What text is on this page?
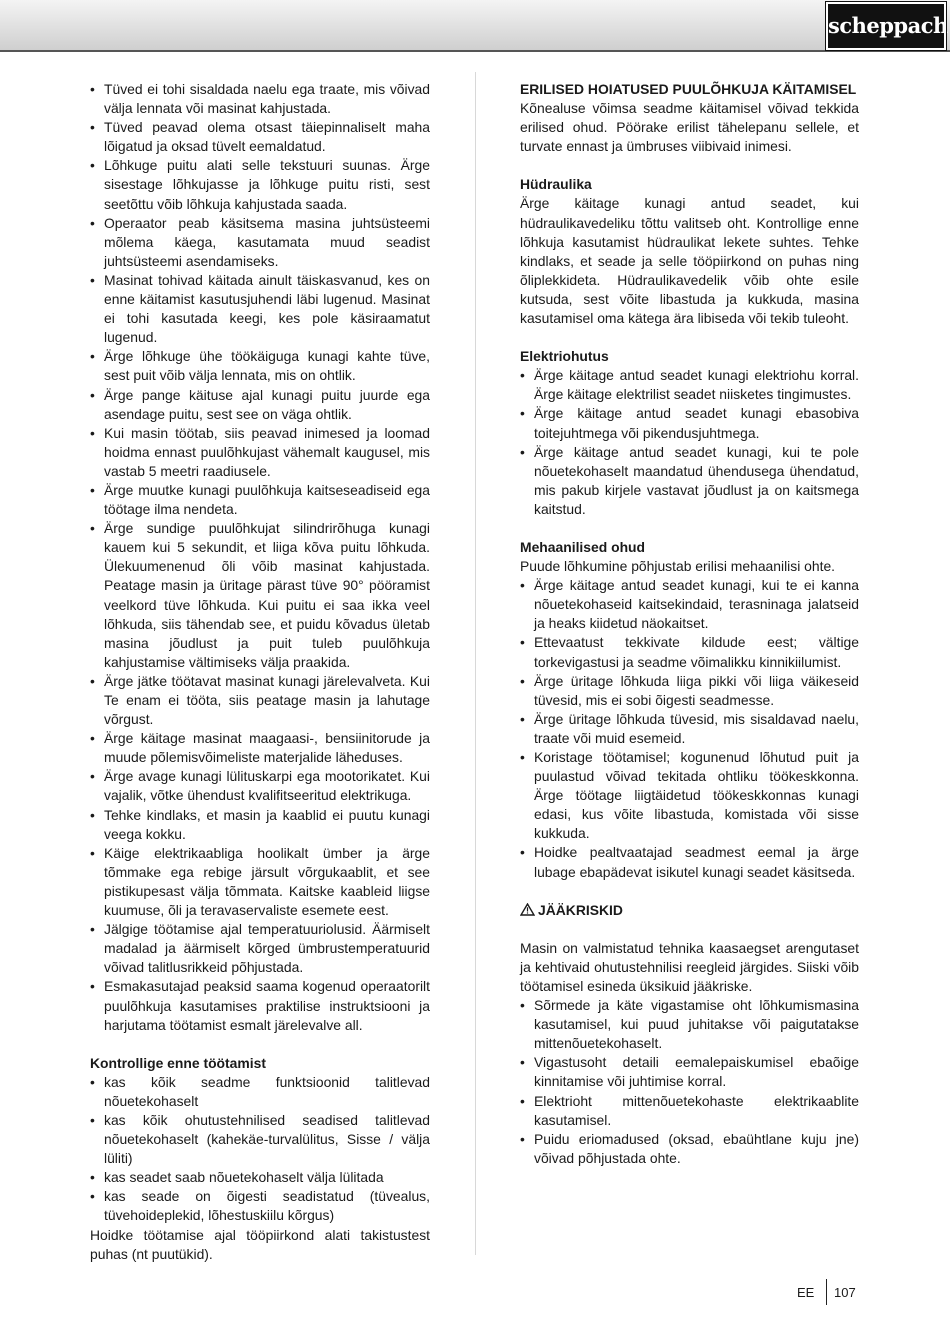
scheppach
• Tüved ei tohi sisaldada naelu ega traate, mis võivad välja lennata või masinat kahjustada.
• Tüved peavad olema otsast täiepinnaliselt maha lõigatud ja oksad tüvelt eemaldatud.
• Lõhkuge puitu alati selle tekstuuri suunas. Ärge sisestage lõhkujasse ja lõhkuge puitu risti, sest seetõttu võib lõhkuja kahjustada saada.
• Operaator peab käsitsema masina juhtsüsteemi mõlema käega, kasutamata muud seadist juhtsüsteemi asendamiseks.
• Masinat tohivad käitada ainult täiskasvanud, kes on enne käitamist kasutusjuhendi läbi lugenud. Masinat ei tohi kasutada keegi, kes pole käsiraamatut lugenud.
• Ärge lõhkuge ühe töökäiguga kunagi kahte tüve, sest puit võib välja lennata, mis on ohtlik.
• Ärge pange käituse ajal kunagi puitu juurde ega asendage puitu, sest see on väga ohtlik.
• Kui masin töötab, siis peavad inimesed ja loomad hoidma ennast puulõhkujast vähemalt kaugusel, mis vastab 5 meetri raadiusele.
• Ärge muutke kunagi puulõhkuja kaitseseadiseid ega töötage ilma nendeta.
• Ärge sundige puulõhkujat silindrirõhuga kunagi kauem kui 5 sekundit, et liiga kõva puitu lõhkuda. Ülekuumenenud õli võib masinat kahjustada. Peatage masin ja üritage pärast tüve 90° pööramist veelkord tüve lõhkuda. Kui puitu ei saa ikka veel lõhkuda, siis tähendab see, et puidu kõvadus ületab masina jõudlust ja puit tuleb puulõhkuja kahjustamise vältimiseks välja praakida.
• Ärge jätke töötavat masinat kunagi järelevalveta. Kui Te enam ei tööta, siis peatage masin ja lahutage võrgust.
• Ärge käitage masinat maagaasi-, bensiinitorude ja muude põlemisvõimeliste materjalide läheduses.
• Ärge avage kunagi lülituskarpi ega mootorikatet. Kui vajalik, võtke ühendust kvalifitseeritud elektrikuga.
• Tehke kindlaks, et masin ja kaablid ei puutu kunagi veega kokku.
• Käige elektrikaabliga hoolikalt ümber ja ärge tõmmake ega rebige järsult võrgukaablit, et see pistikupesast välja tõmmata. Kaitske kaableid liigse kuumuse, õli ja teravaservaliste esemete eest.
• Jälgige töötamise ajal temperatuuriolusid. Äärmiselt madalad ja äärmiselt kõrged ümbrustemperatuurid võivad talitlusrikkeid põhjustada.
• Esmakasutajad peaksid saama kogenud operaatorilt puulõhkuja kasutamises praktilise instruktsiooni ja harjutama töötamist esmalt järelevalve all.

Kontrollige enne töötamist

• kas kõik seadme funktsioonid talitlevad nõuetekohaselt
• kas kõik ohutustehnilised seadised talitlevad nõuetekohaselt (kahekäe-turvalülitus, Sisse / välja lüliti)
• kas seadet saab nõuetekohaselt välja lülitada
• kas seade on õigesti seadistatud (tüvealus, tüvehoideplekid, lõhestuskiilu kõrgus)

Hoidke töötamise ajal tööpiirkond alati takistustest puhas (nt puutükid).

ERILISED HOIATUSED PUULÕHKUJA KÄITAMISEL

Kõnealuse võimsa seadme käitamisel võivad tekkida erilised ohud. Pöörake erilist tähelepanu sellele, et turvate ennast ja ümbruses viibivaid inimesi.

Hüdraulika

Ärge käitage kunagi antud seadet, kui hüdraulikavedeliku tõttu valitseb oht. Kontrollige enne lõhkuja kasutamist hüdraulikat lekete suhtes. Tehke kindlaks, et seade ja selle tööpiirkond on puhas ning õliplekkideta. Hüdraulikavedelik võib ohte esile kutsuda, sest võite libastuda ja kukkuda, masina kasutamisel oma kätega ära libiseda või tekib tuleoht.

Elektriohutus

• Ärge käitage antud seadet kunagi elektriohu korral. Ärge käitage elektrilist seadet niisketes tingimustes.
• Ärge käitage antud seadet kunagi ebasobiva toitejuhtmega või pikendusjuhtmega.
• Ärge käitage antud seadet kunagi, kui te pole nõuetekohaselt maandatud ühendusega ühendatud, mis pakub kirjele vastavat jõudlust ja on kaitsmega kaitstud.

Mehaanilised ohud

Puude lõhkumine põhjustab erilisi mehaanilisi ohte.

• Ärge käitage antud seadet kunagi, kui te ei kanna nõuetekohaseid kaitsekindaid, terasninaga jalatseid ja heaks kiidetud näokaitset.
• Ettevaatust tekkivate kildude eest; vältige torkevigastusi ja seadme võimalikku kinnikiilumist.
• Ärge üritage lõhkuda liiga pikki või liiga väikeseid tüvesid, mis ei sobi õigesti seadmesse.
• Ärge üritage lõhkuda tüvesid, mis sisaldavad naelu, traate või muid esemeid.
• Koristage töötamisel; kogunenud lõhutud puit ja puulastud võivad tekitada ohtliku töökeskkonna. Ärge töötage liigtäidetud töökeskkonnas kunagi edasi, kus võite libastuda, komistada või sisse kukkuda.
• Hoidke pealtvaatajad seadmest eemal ja ärge lubage ebapädevat isikutel kunagi seadet käsitseda.

JÄÄKRISKID

Masin on valmistatud tehnika kaasaegset arengutaset ja kehtivaid ohutustehnilisi reegleid järgides. Siiski võib töötamisel esineda üksikuid jääkriske.

• Sõrmede ja käte vigastamise oht lõhkumismasina kasutamisel, kui puud juhitakse või paigutatakse mittenõuetekohaselt.
• Vigastusoht detaili eemalepaiskumisel ebaõige kinnitamise või juhtimise korral.
• Elektrioht mittenõuetekohaste elektrikaablite kasutamisel.
• Puidu eriomadused (oksad, ebaühtlane kuju jne) võivad põhjustada ohte.
EE 107
